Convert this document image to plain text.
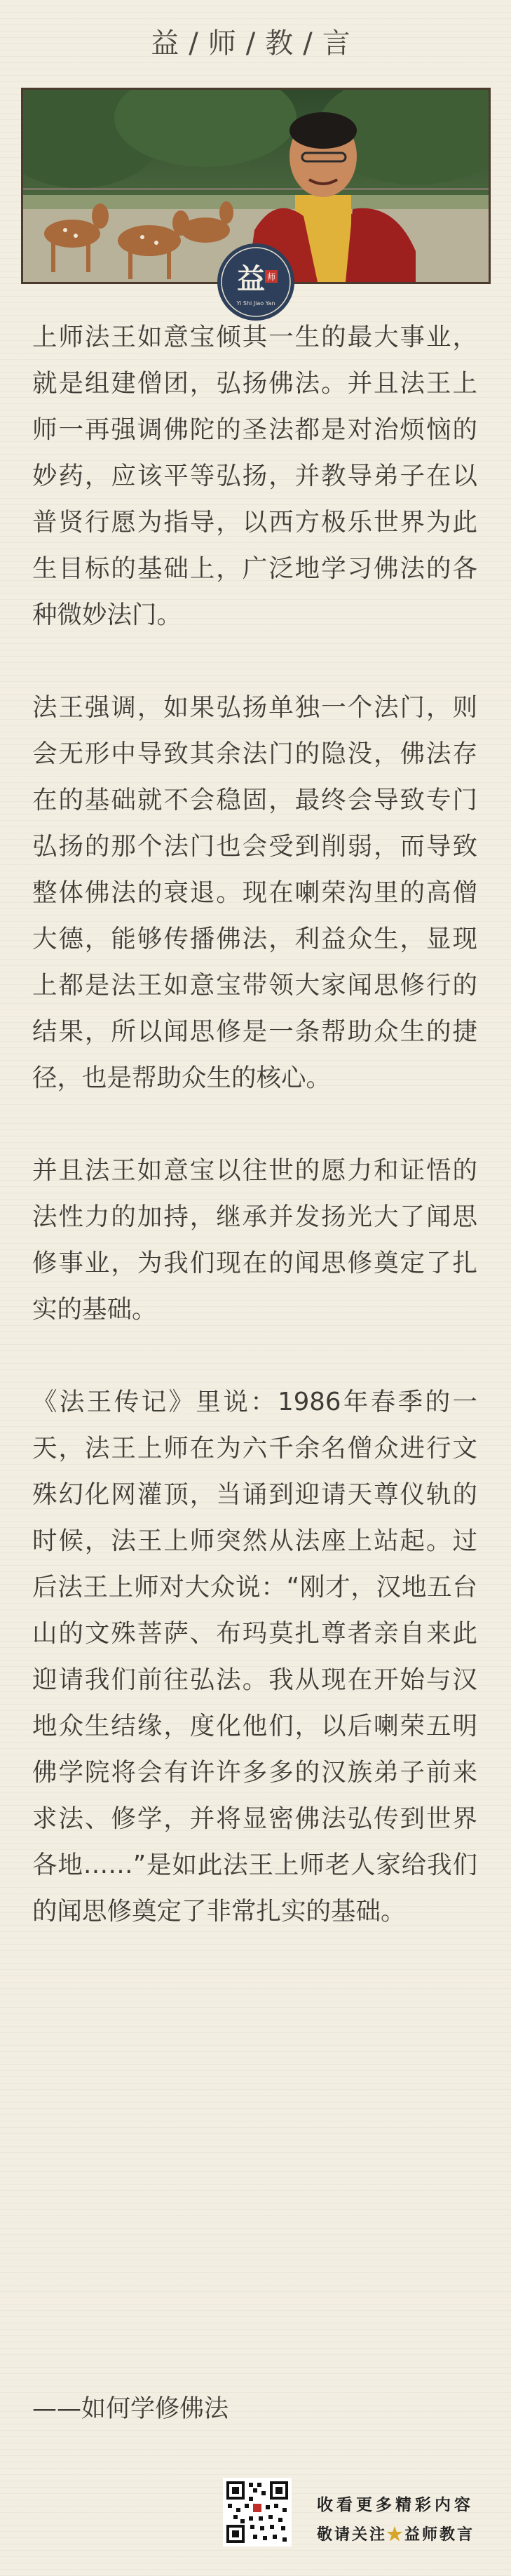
益/师/教/言
益 师
Yi Shi Jiao Yan

上师法王如意宝倾其一生的最大事业，就是组建僧团，弘扬佛法。并且法王上师一再强调佛陀的圣法都是对治烦恼的妙药，应该平等弘扬，并教导弟子在以普贤行愿为指导，以西方极乐世界为此生目标的基础上，广泛地学习佛法的各种微妙法门。

法王强调，如果弘扬单独一个法门，则会无形中导致其余法门的隐没，佛法存在的基础就不会稳固，最终会导致专门弘扬的那个法门也会受到削弱，而导致整体佛法的衰退。现在喇荣沟里的高僧大德，能够传播佛法，利益众生，显现上都是法王如意宝带领大家闻思修行的结果，所以闻思修是一条帮助众生的捷径，也是帮助众生的核心。

并且法王如意宝以往世的愿力和证悟的法性力的加持，继承并发扬光大了闻思修事业，为我们现在的闻思修奠定了扎实的基础。

《法王传记》里说：1986年春季的一天，法王上师在为六千余名僧众进行文殊幻化网灌顶，当诵到迎请天尊仪轨的时候，法王上师突然从法座上站起。过后法王上师对大众说：“刚才，汉地五台山的文殊菩萨、布玛莫扎尊者亲自来此迎请我们前往弘法。我从现在开始与汉地众生结缘，度化他们，以后喇荣五明佛学院将会有许许多多的汉族弟子前来求法、修学，并将显密佛法弘传到世界各地……”是如此法王上师老人家给我们的闻思修奠定了非常扎实的基础。

——如何学修佛法
收看更多精彩内容
敬请关注★益师教言
